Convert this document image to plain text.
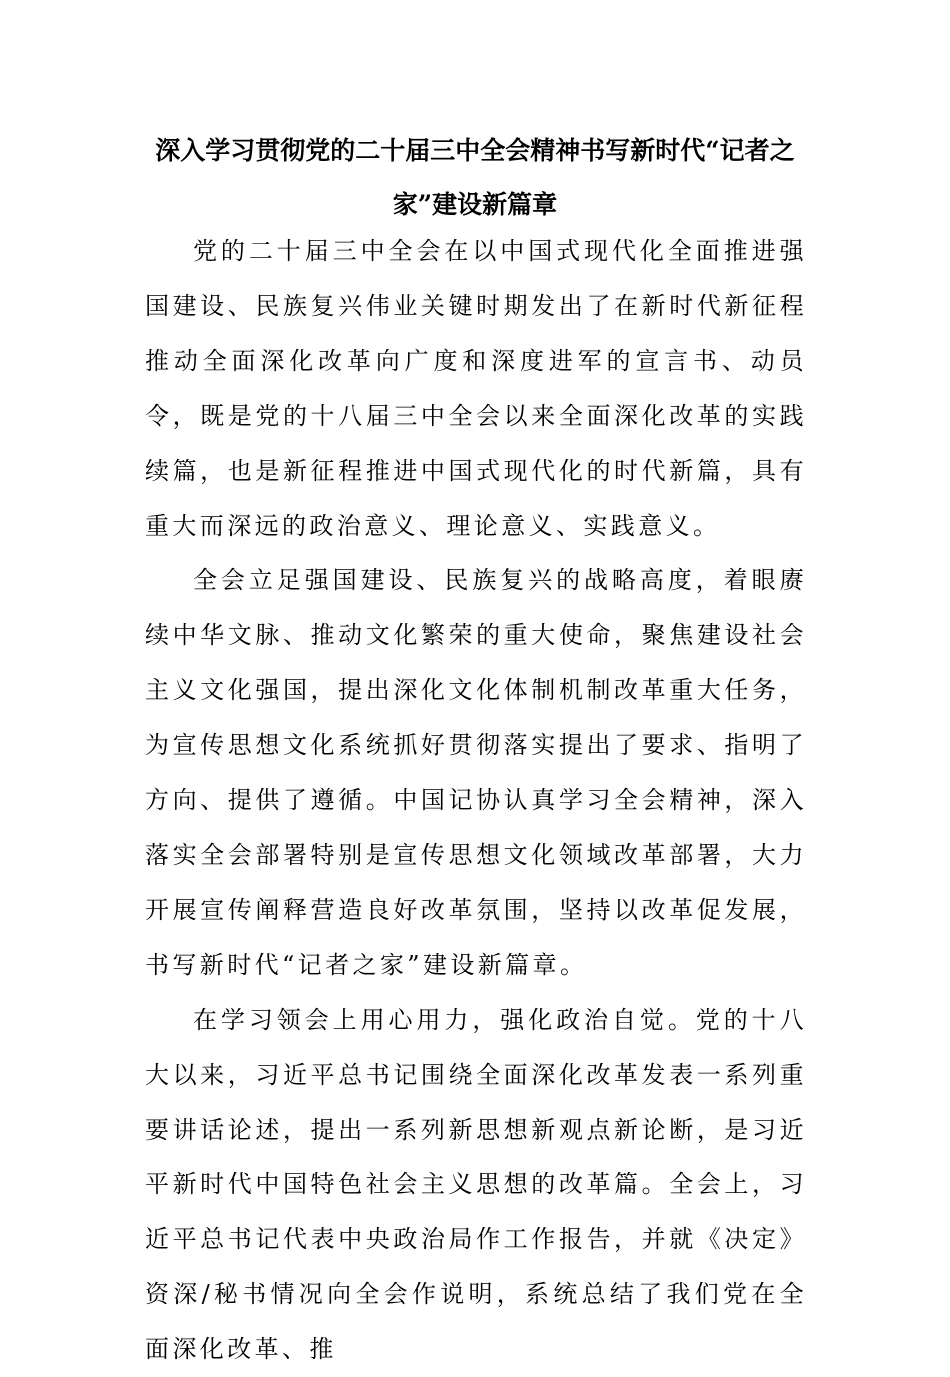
深入学习贯彻党的二十届三中全会精神书写新时代“记者之家”建设新篇章

党的二十届三中全会在以中国式现代化全面推进强国建设、民族复兴伟业关键时期发出了在新时代新征程推动全面深化改革向广度和深度进军的宣言书、动员令，既是党的十八届三中全会以来全面深化改革的实践续篇，也是新征程推进中国式现代化的时代新篇，具有重大而深远的政治意义、理论意义、实践意义。

全会立足强国建设、民族复兴的战略高度，着眼赓续中华文脉、推动文化繁荣的重大使命，聚焦建设社会主义文化强国，提出深化文化体制机制改革重大任务，为宣传思想文化系统抓好贯彻落实提出了要求、指明了方向、提供了遵循。中国记协认真学习全会精神，深入落实全会部署特别是宣传思想文化领域改革部署，大力开展宣传阐释营造良好改革氛围，坚持以改革促发展，书写新时代“记者之家”建设新篇章。

在学习领会上用心用力，强化政治自觉。党的十八大以来，习近平总书记围绕全面深化改革发表一系列重要讲话论述，提出一系列新思想新观点新论断，是习近平新时代中国特色社会主义思想的改革篇。全会上，习近平总书记代表中央政治局作工作报告，并就《决定》资深/秘书情况向全会作说明，系统总结了我们党在全面深化改革、推
